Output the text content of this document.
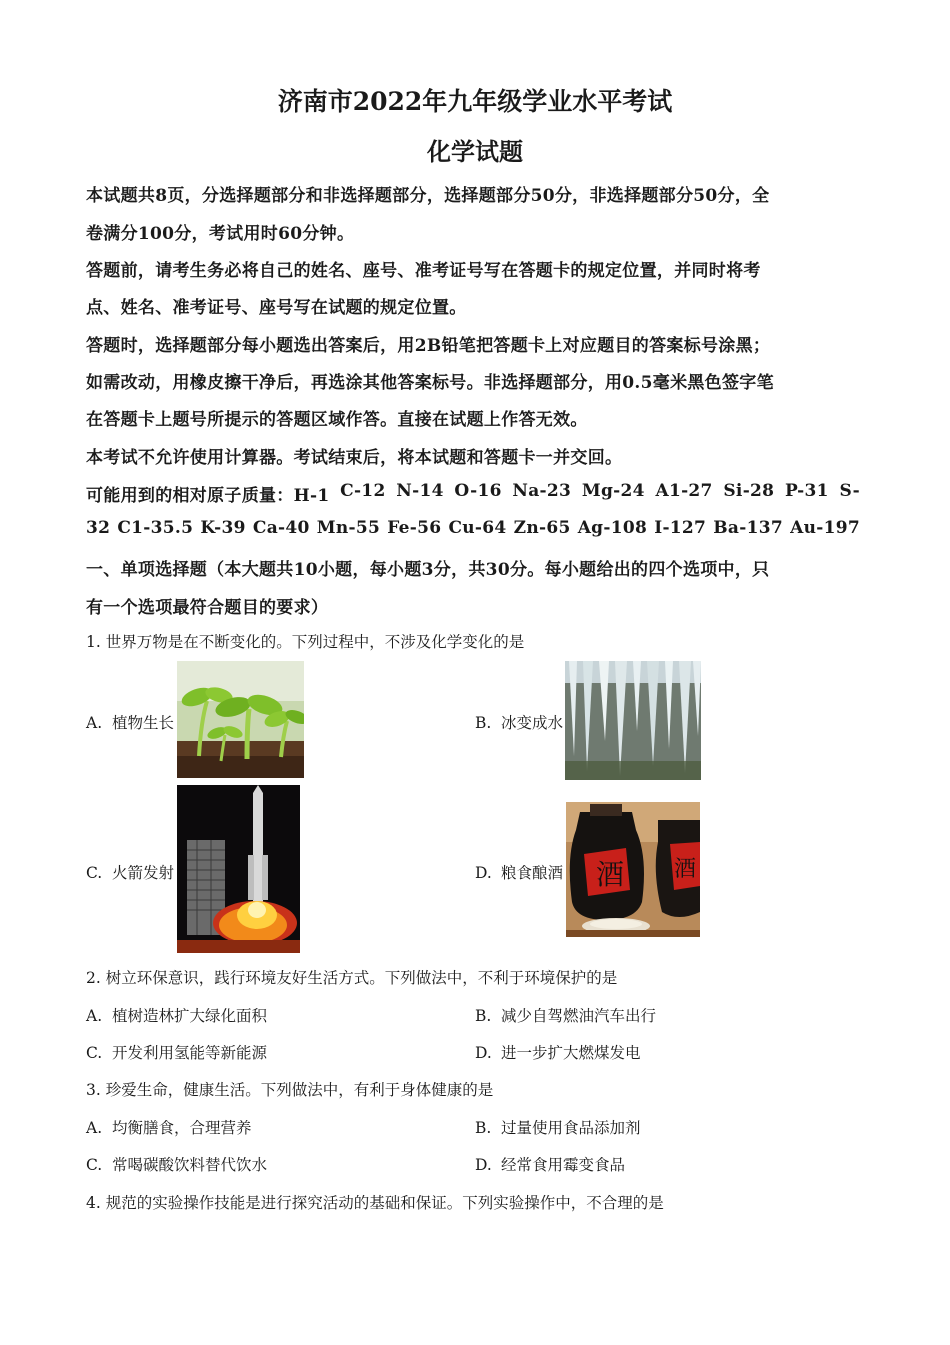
济南市2022年九年级学业水平考试
化学试题
本试题共8页，分选择题部分和非选择题部分，选择题部分50分，非选择题部分50分，全
卷满分100分，考试用时60分钟。
答题前，请考生务必将自己的姓名、座号、准考证号写在答题卡的规定位置，并同时将考
点、姓名、准考证号、座号写在试题的规定位置。
答题时，选择题部分每小题选出答案后，用2B铅笔把答题卡上对应题目的答案标号涂黑；
如需改动，用橡皮擦干净后，再选涂其他答案标号。非选择题部分，用0.5毫米黑色签字笔
在答题卡上题号所提示的答题区域作答。直接在试题上作答无效。
本考试不允许使用计算器。考试结束后，将本试题和答题卡一并交回。
可能用到的相对原子质量：H-1 C-12 N-14 O-16 Na-23 Mg-24 A1-27 Si-28 P-31 S-
32 C1-35.5 K-39 Ca-40 Mn-55 Fe-56 Cu-64 Zn-65 Ag-108 I-127 Ba-137 Au-197
一、单项选择题（本大题共10小题，每小题3分，共30分。每小题给出的四个选项中，只
有一个选项最符合题目的要求）
1. 世界万物是在不断变化的。下列过程中，不涉及化学变化的是
A. 植物生长	B. 冰变成水
C. 火箭发射	D. 粮食酿酒 酒 酒
2. 树立环保意识，践行环境友好生活方式。下列做法中，不利于环境保护的是
A. 植树造林扩大绿化面积	B. 减少自驾燃油汽车出行
C. 开发利用氢能等新能源	D. 进一步扩大燃煤发电
3. 珍爱生命，健康生活。下列做法中，有利于身体健康的是
A. 均衡膳食，合理营养	B. 过量使用食品添加剂
C. 常喝碳酸饮料替代饮水	D. 经常食用霉变食品
4. 规范的实验操作技能是进行探究活动的基础和保证。下列实验操作中，不合理的是
